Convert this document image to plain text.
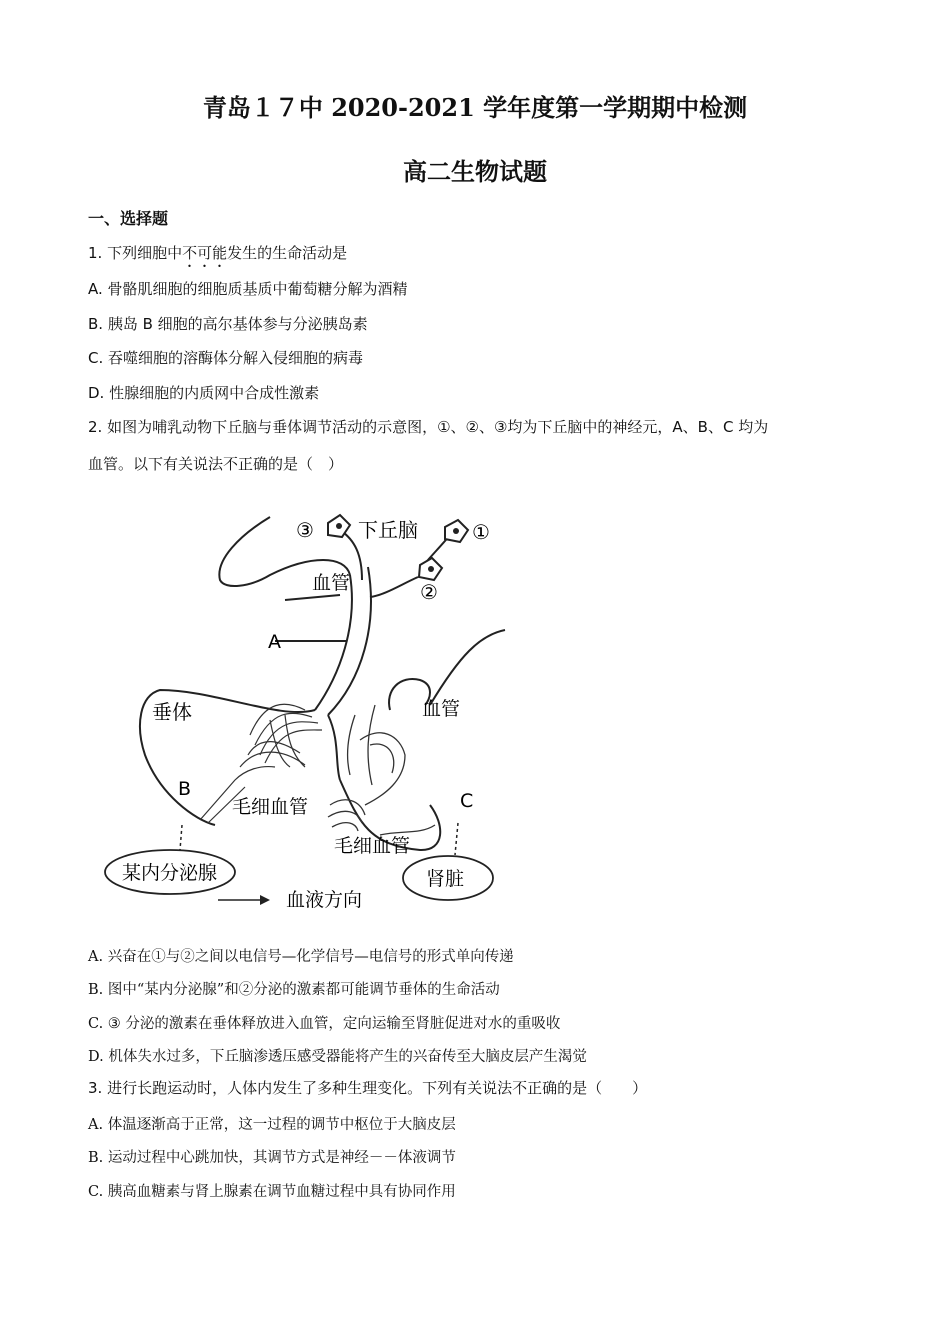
青岛１７中 2020-2021 学年度第一学期期中检测
高二生物试题
一、选择题
1. 下列细胞中不可能发生的生命活动是
A. 骨骼肌细胞的细胞质基质中葡萄糖分解为酒精
B. 胰岛 B 细胞的高尔基体参与分泌胰岛素
C. 吞噬细胞的溶酶体分解入侵细胞的病毒
D. 性腺细胞的内质网中合成性激素
2. 如图为哺乳动物下丘脑与垂体调节活动的示意图，①、②、③均为下丘脑中的神经元，A、B、C 均为
血管。以下有关说法不正确的是（　）
③ 下丘脑	①
②
血管
A
垂体	血管
B
毛细血管	C
毛细血管
某内分泌腺	肾脏
血液方向
A. 兴奋在①与②之间以电信号—化学信号—电信号的形式单向传递
B. 图中“某内分泌腺”和②分泌的激素都可能调节垂体的生命活动
C. ③ 分泌的激素在垂体释放进入血管，定向运输至肾脏促进对水的重吸收
D. 机体失水过多，下丘脑渗透压感受器能将产生的兴奋传至大脑皮层产生渴觉
3. 进行长跑运动时，人体内发生了多种生理变化。下列有关说法不正确的是（　　）
A. 体温逐渐高于正常，这一过程的调节中枢位于大脑皮层
B. 运动过程中心跳加快，其调节方式是神经－－体液调节
C. 胰高血糖素与肾上腺素在调节血糖过程中具有协同作用
